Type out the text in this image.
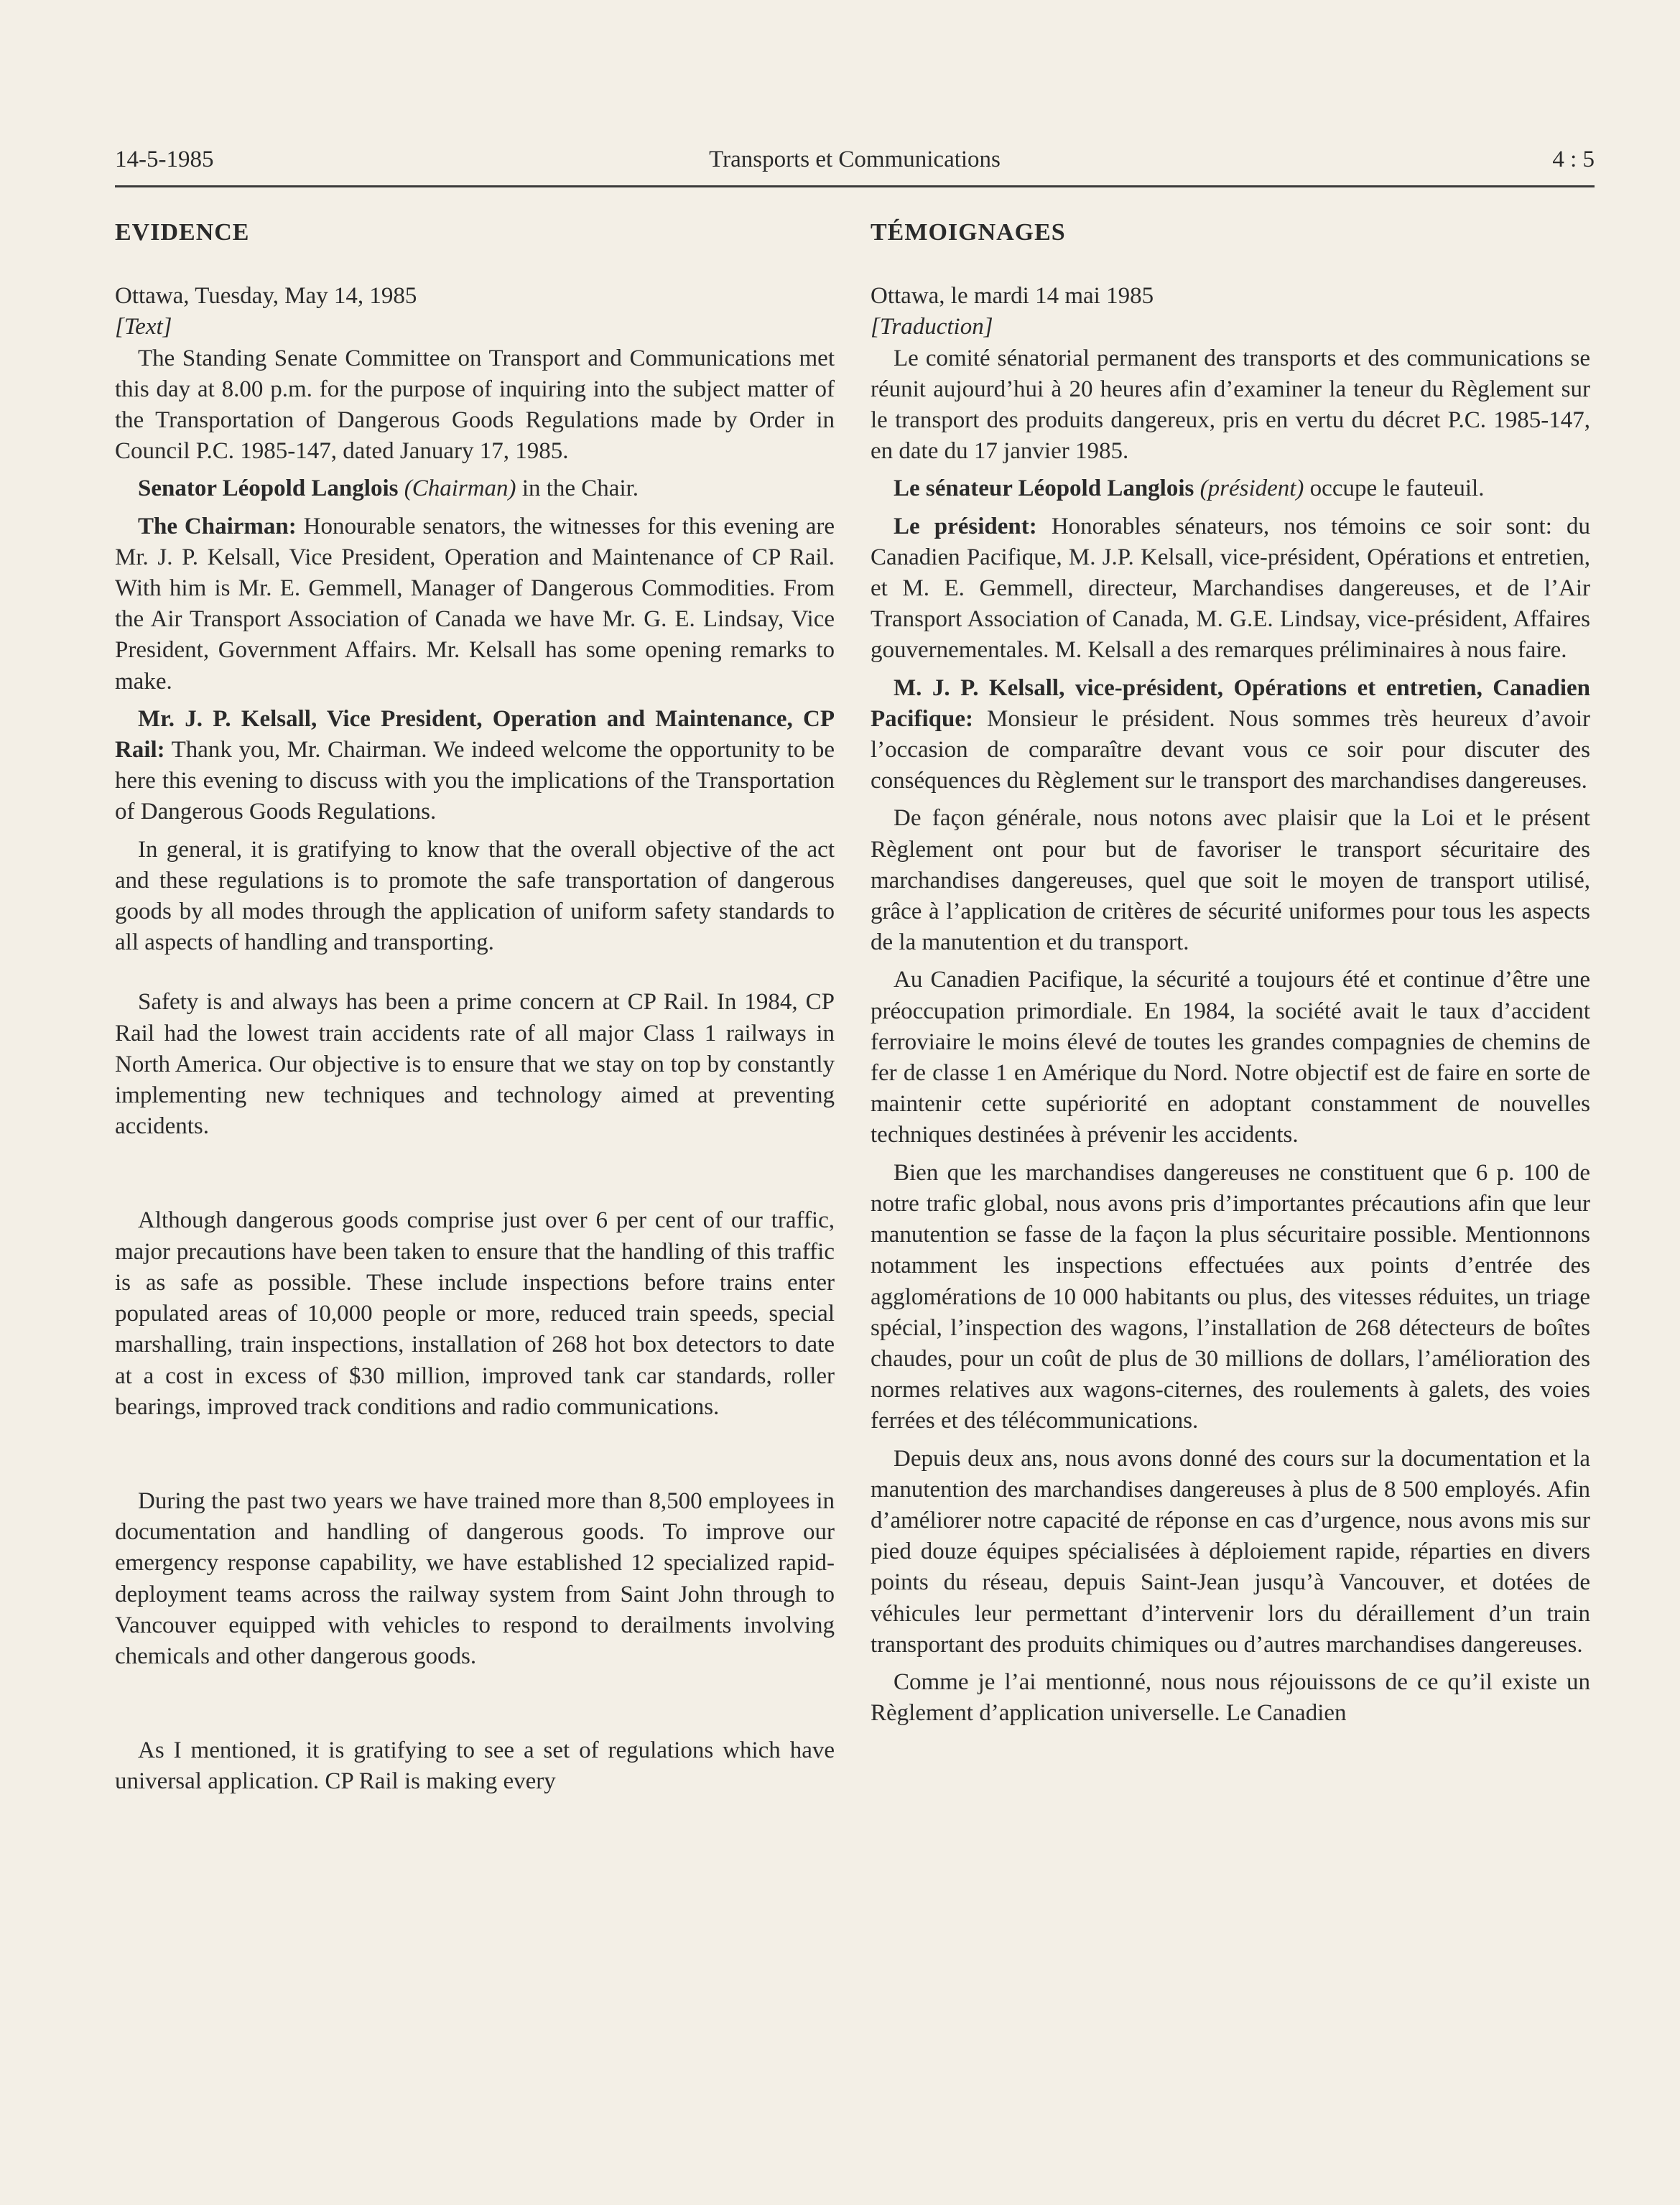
14-5-1985	Transports et Communications	4 : 5
EVIDENCE
Ottawa, Tuesday, May 14, 1985
[Text]
The Standing Senate Committee on Transport and Communications met this day at 8.00 p.m. for the purpose of inquiring into the subject matter of the Transportation of Dangerous Goods Regulations made by Order in Council P.C. 1985-147, dated January 17, 1985.
Senator Léopold Langlois (Chairman) in the Chair.
The Chairman: Honourable senators, the witnesses for this evening are Mr. J. P. Kelsall, Vice President, Operation and Maintenance of CP Rail. With him is Mr. E. Gemmell, Manager of Dangerous Commodities. From the Air Transport Association of Canada we have Mr. G. E. Lindsay, Vice President, Government Affairs. Mr. Kelsall has some opening remarks to make.
Mr. J. P. Kelsall, Vice President, Operation and Maintenance, CP Rail: Thank you, Mr. Chairman. We indeed welcome the opportunity to be here this evening to discuss with you the implications of the Transportation of Dangerous Goods Regulations.
In general, it is gratifying to know that the overall objective of the act and these regulations is to promote the safe transportation of dangerous goods by all modes through the application of uniform safety standards to all aspects of handling and transporting.
Safety is and always has been a prime concern at CP Rail. In 1984, CP Rail had the lowest train accidents rate of all major Class 1 railways in North America. Our objective is to ensure that we stay on top by constantly implementing new techniques and technology aimed at preventing accidents.
Although dangerous goods comprise just over 6 per cent of our traffic, major precautions have been taken to ensure that the handling of this traffic is as safe as possible. These include inspections before trains enter populated areas of 10,000 people or more, reduced train speeds, special marshalling, train inspections, installation of 268 hot box detectors to date at a cost in excess of $30 million, improved tank car standards, roller bearings, improved track conditions and radio communications.
During the past two years we have trained more than 8,500 employees in documentation and handling of dangerous goods. To improve our emergency response capability, we have established 12 specialized rapid-deployment teams across the railway system from Saint John through to Vancouver equipped with vehicles to respond to derailments involving chemicals and other dangerous goods.
As I mentioned, it is gratifying to see a set of regulations which have universal application. CP Rail is making every
TÉMOIGNAGES
Ottawa, le mardi 14 mai 1985
[Traduction]
Le comité sénatorial permanent des transports et des communications se réunit aujourd’hui à 20 heures afin d’examiner la teneur du Règlement sur le transport des produits dangereux, pris en vertu du décret P.C. 1985-147, en date du 17 janvier 1985.
Le sénateur Léopold Langlois (président) occupe le fauteuil.
Le président: Honorables sénateurs, nos témoins ce soir sont: du Canadien Pacifique, M. J.P. Kelsall, vice-président, Opérations et entretien, et M. E. Gemmell, directeur, Marchandises dangereuses, et de l’Air Transport Association of Canada, M. G.E. Lindsay, vice-président, Affaires gouvernementales. M. Kelsall a des remarques préliminaires à nous faire.
M. J. P. Kelsall, vice-président, Opérations et entretien, Canadien Pacifique: Monsieur le président. Nous sommes très heureux d’avoir l’occasion de comparaître devant vous ce soir pour discuter des conséquences du Règlement sur le transport des marchandises dangereuses.
De façon générale, nous notons avec plaisir que la Loi et le présent Règlement ont pour but de favoriser le transport sécuritaire des marchandises dangereuses, quel que soit le moyen de transport utilisé, grâce à l’application de critères de sécurité uniformes pour tous les aspects de la manutention et du transport.
Au Canadien Pacifique, la sécurité a toujours été et continue d’être une préoccupation primordiale. En 1984, la société avait le taux d’accident ferroviaire le moins élevé de toutes les grandes compagnies de chemins de fer de classe 1 en Amérique du Nord. Notre objectif est de faire en sorte de maintenir cette supériorité en adoptant constamment de nouvelles techniques destinées à prévenir les accidents.
Bien que les marchandises dangereuses ne constituent que 6 p. 100 de notre trafic global, nous avons pris d’importantes précautions afin que leur manutention se fasse de la façon la plus sécuritaire possible. Mentionnons notamment les inspections effectuées aux points d’entrée des agglomérations de 10 000 habitants ou plus, des vitesses réduites, un triage spécial, l’inspection des wagons, l’installation de 268 détecteurs de boîtes chaudes, pour un coût de plus de 30 millions de dollars, l’amélioration des normes relatives aux wagons-citernes, des roulements à galets, des voies ferrées et des télécommunications.
Depuis deux ans, nous avons donné des cours sur la documentation et la manutention des marchandises dangereuses à plus de 8 500 employés. Afin d’améliorer notre capacité de réponse en cas d’urgence, nous avons mis sur pied douze équipes spécialisées à déploiement rapide, réparties en divers points du réseau, depuis Saint-Jean jusqu’à Vancouver, et dotées de véhicules leur permettant d’intervenir lors du déraillement d’un train transportant des produits chimiques ou d’autres marchandises dangereuses.
Comme je l’ai mentionné, nous nous réjouissons de ce qu’il existe un Règlement d’application universelle. Le Canadien
